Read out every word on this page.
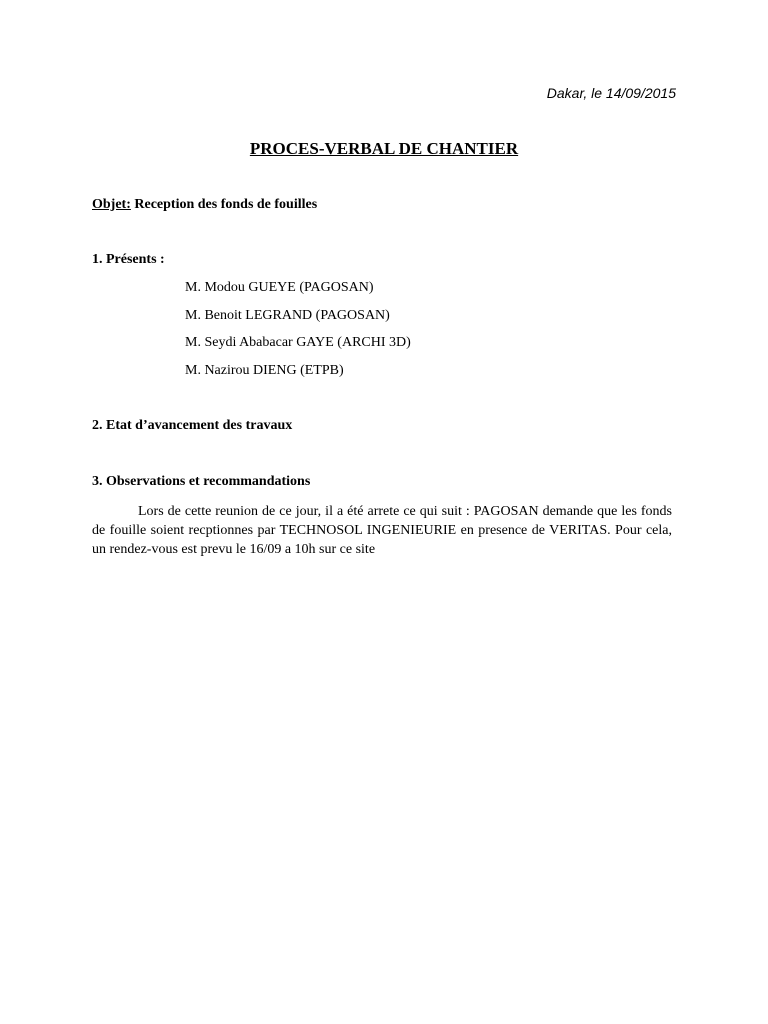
Dakar, le 14/09/2015
PROCES-VERBAL DE CHANTIER
Objet: Reception des fonds de fouilles
1. Présents :
M. Modou GUEYE (PAGOSAN)
M. Benoit LEGRAND (PAGOSAN)
M. Seydi Ababacar GAYE (ARCHI 3D)
M. Nazirou DIENG (ETPB)
2. Etat d’avancement des travaux
3. Observations et recommandations

Lors de cette reunion de ce jour, il a été arrete ce qui suit : PAGOSAN demande que les fonds de fouille soient recptionnes par TECHNOSOL INGENIEURIE en presence de VERITAS. Pour cela, un rendez-vous est prevu le 16/09 a 10h sur ce site
